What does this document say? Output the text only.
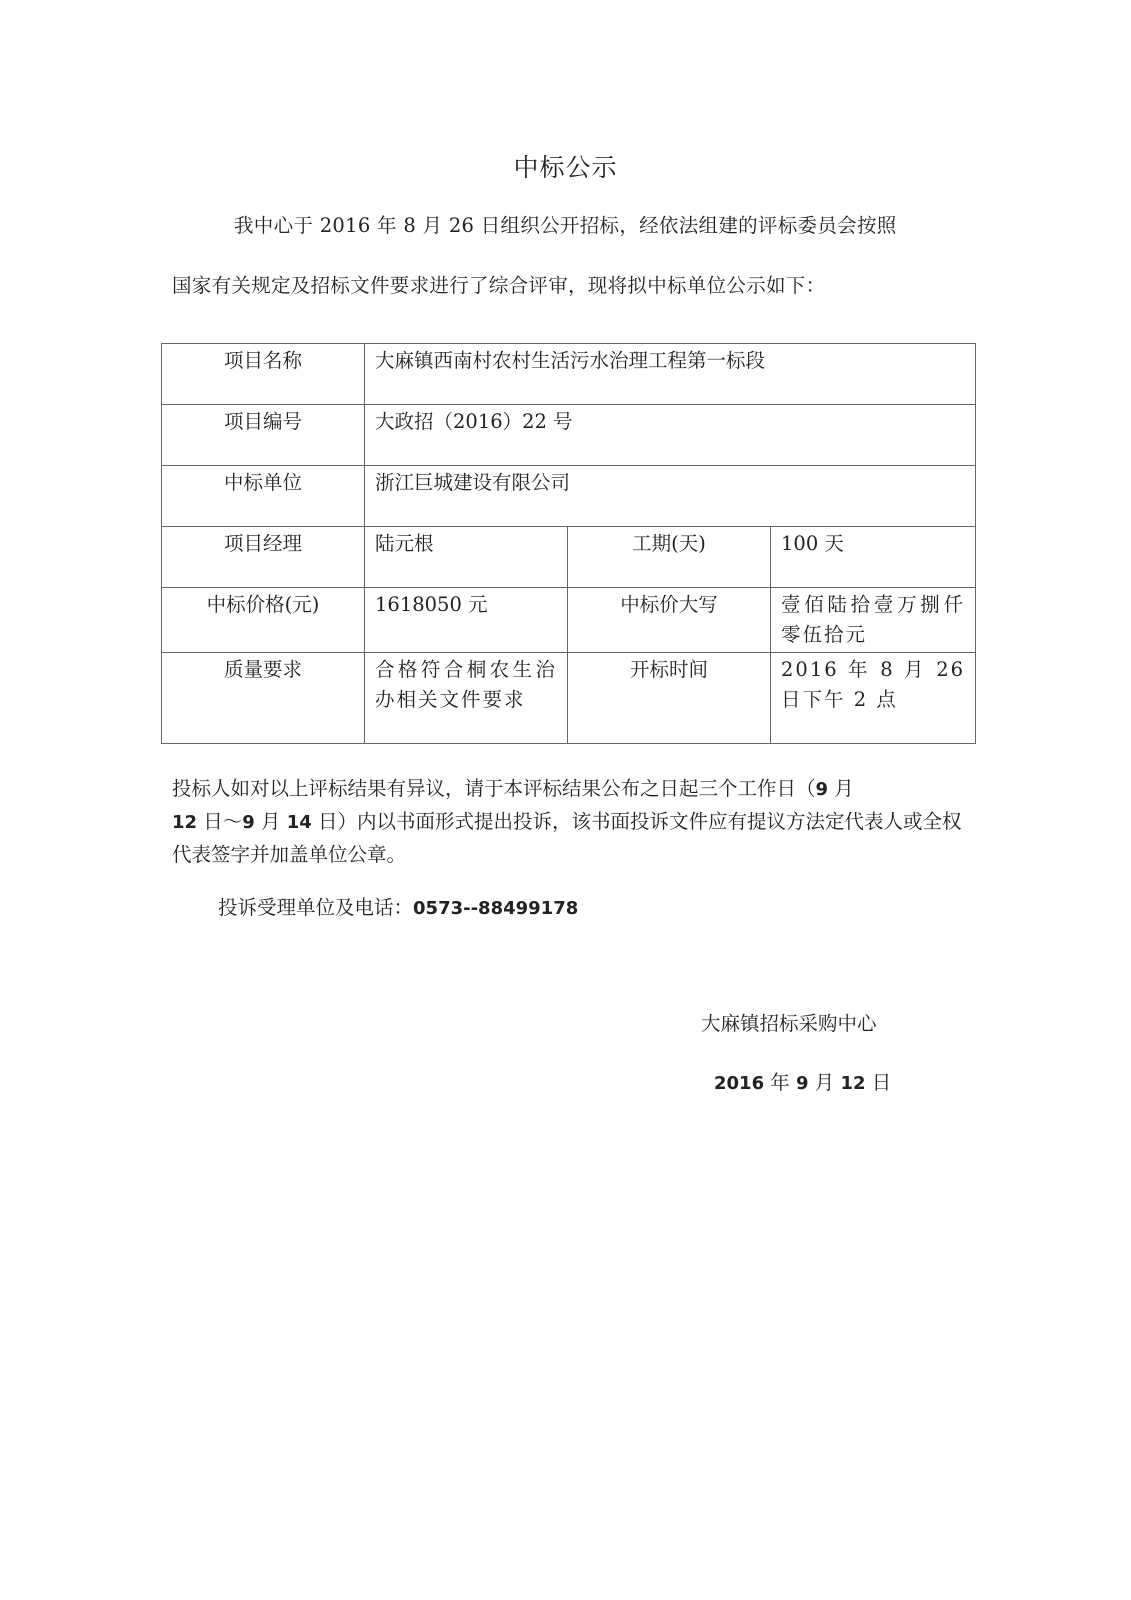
中标公示
我中心于 2016 年 8 月 26 日组织公开招标，经依法组建的评标委员会按照
国家有关规定及招标文件要求进行了综合评审，现将拟中标单位公示如下：
项目名称	大麻镇西南村农村生活污水治理工程第一标段		
项目编号	大政招（2016）22 号		
中标单位	浙江巨城建设有限公司		
项目经理	陆元根	工期(天)	100 天
中标价格(元)	1618050 元	中标价大写	壹佰陆拾壹万捌仟零伍拾元
质量要求	合格符合桐农生治办相关文件要求	开标时间	2016 年 8 月 26 日下午 2 点
投标人如对以上评标结果有异议，请于本评标结果公布之日起三个工作日（9 月
12 日～9 月 14 日）内以书面形式提出投诉，该书面投诉文件应有提议方法定代表人或全权代表签字并加盖单位公章。
投诉受理单位及电话：0573--88499178
大麻镇招标采购中心
2016 年 9 月 12 日
